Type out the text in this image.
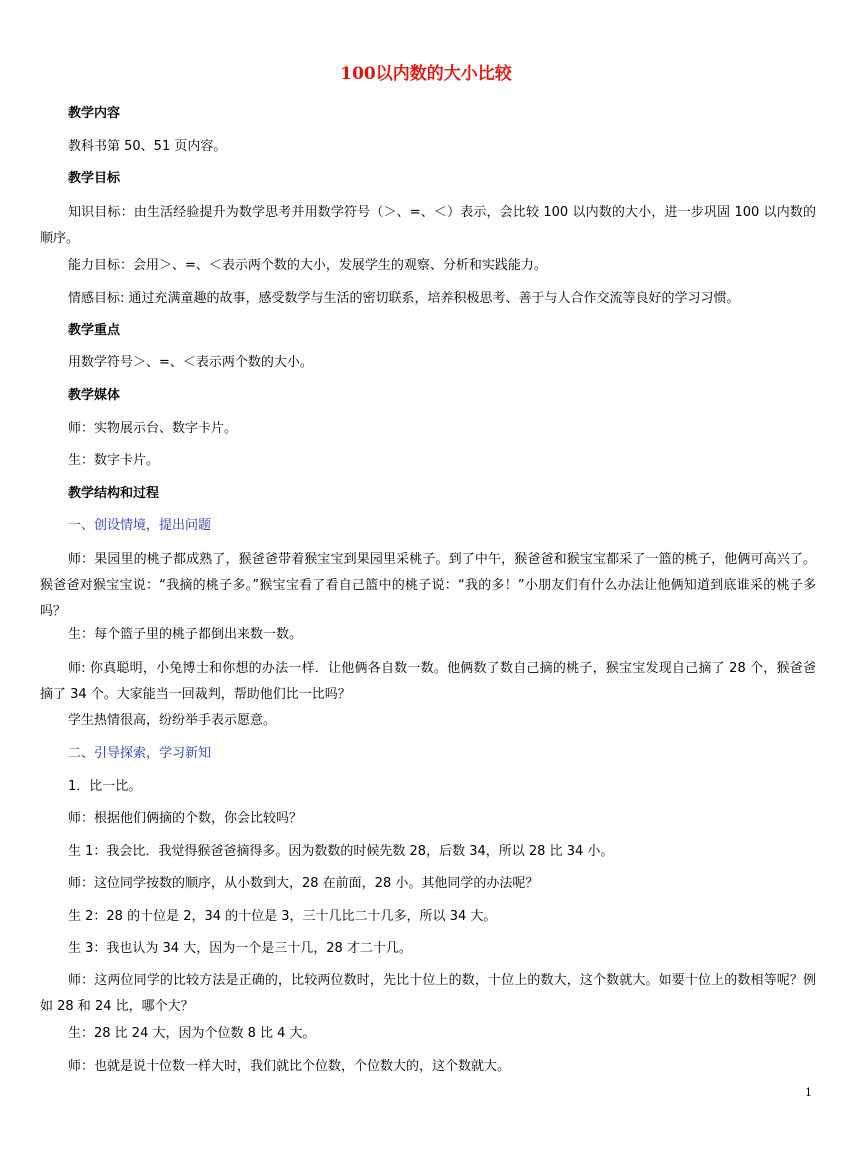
100以内数的大小比较

教学内容

教科书第 50、51 页内容。

教学目标

知识目标：由生活经验提升为数学思考并用数学符号（＞、=、＜）表示，会比较 100 以内数的大小，进一步巩固 100 以内数的顺序。

能力目标：会用＞、=、＜表示两个数的大小，发展学生的观察、分析和实践能力。

情感目标: 通过充满童趣的故事，感受数学与生活的密切联系，培养积极思考、善于与人合作交流等良好的学习习惯。

教学重点

用数学符号＞、=、＜表示两个数的大小。

教学媒体

师：实物展示台、数字卡片。

生：数字卡片。

教学结构和过程

一、创设情境，提出问题

师：果园里的桃子都成熟了，猴爸爸带着猴宝宝到果园里采桃子。到了中午，猴爸爸和猴宝宝都采了一篮的桃子，他俩可高兴了。猴爸爸对猴宝宝说：“我摘的桃子多。”猴宝宝看了看自己篮中的桃子说：“我的多！”小朋友们有什么办法让他俩知道到底谁采的桃子多吗？

生：每个篮子里的桃子都倒出来数一数。

师: 你真聪明，小兔博士和你想的办法一样．让他俩各自数一数。他俩数了数自己摘的桃子，猴宝宝发现自己摘了 28 个，猴爸爸摘了 34 个。大家能当一回裁判，帮助他们比一比吗？

学生热情很高，纷纷举手表示愿意。

二、引导探索，学习新知

1．比一比。

师：根据他们俩摘的个数，你会比较吗？

生 1：我会比．我觉得猴爸爸摘得多。因为数数的时候先数 28，后数 34，所以 28 比 34 小。

师：这位同学按数的顺序，从小数到大，28 在前面，28 小。其他同学的办法呢？

生 2：28 的十位是 2，34 的十位是 3，三十几比二十几多，所以 34 大。

生 3：我也认为 34 大，因为一个是三十几，28 才二十几。

师：这两位同学的比较方法是正确的，比较两位数时，先比十位上的数，十位上的数大，这个数就大。如要十位上的数相等呢？例如 28 和 24 比，哪个大？

生：28 比 24 大，因为个位数 8 比 4 大。

师：也就是说十位数一样大时，我们就比个位数，个位数大的，这个数就大。

1
